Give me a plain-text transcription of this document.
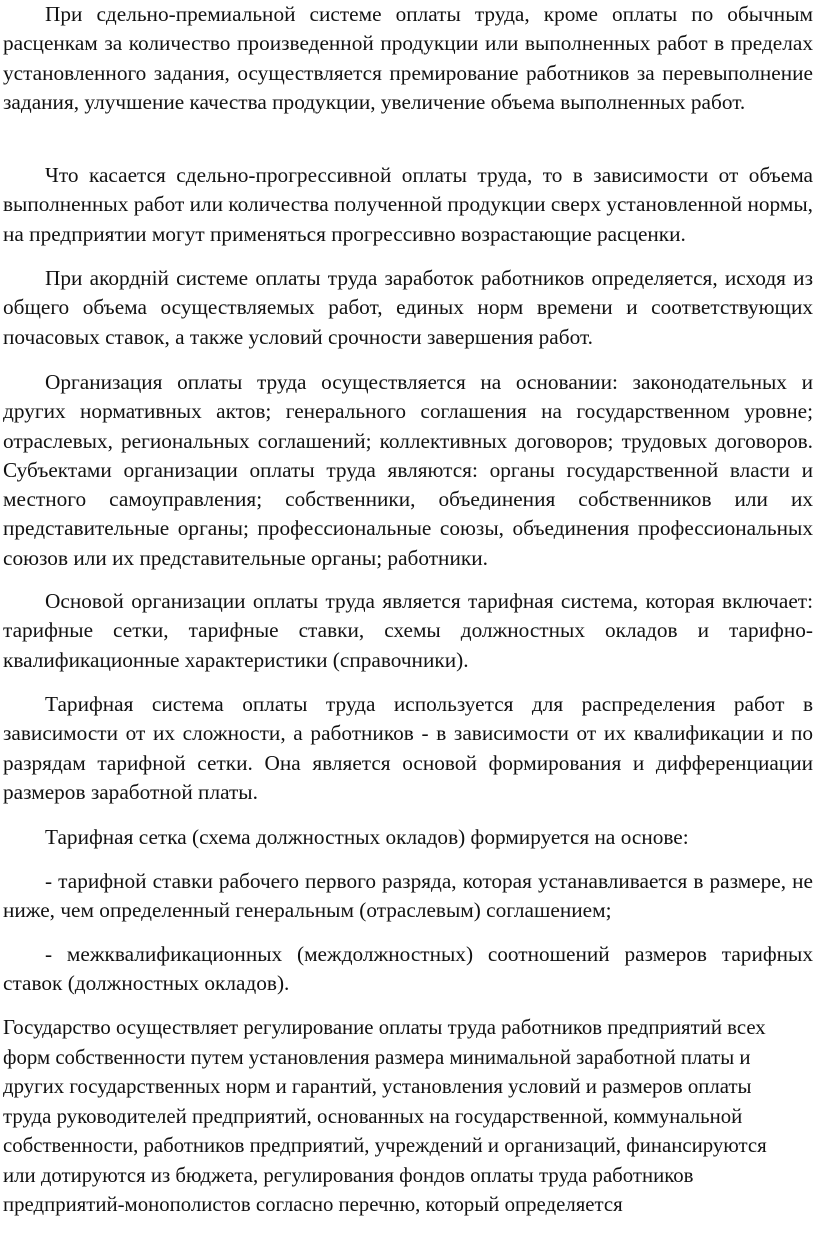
При сдельно-премиальной системе оплаты труда, кроме оплаты по обычным расценкам за количество произведенной продукции или выполненных работ в пределах установленного задания, осуществляется премирование работников за перевыполнение задания, улучшение качества продукции, увеличение объема выполненных работ.

Что касается сдельно-прогрессивной оплаты труда, то в зависимости от объема выполненных работ или количества полученной продукции сверх установленной нормы, на предприятии могут применяться прогрессивно возрастающие расценки.

При акордній системе оплаты труда заработок работников определяется, исходя из общего объема осуществляемых работ, единых норм времени и соответствующих почасовых ставок, а также условий срочности завершения работ.

Организация оплаты труда осуществляется на основании: законодательных и других нормативных актов; генерального соглашения на государственном уровне; отраслевых, региональных соглашений; коллективных договоров; трудовых договоров. Субъектами организации оплаты труда являются: органы государственной власти и местного самоуправления; собственники, объединения собственников или их представительные органы; профессиональные союзы, объединения профессиональных союзов или их представительные органы; работники.

Основой организации оплаты труда является тарифная система, которая включает: тарифные сетки, тарифные ставки, схемы должностных окладов и тарифно-квалификационные характеристики (справочники).

Тарифная система оплаты труда используется для распределения работ в зависимости от их сложности, а работников - в зависимости от их квалификации и по разрядам тарифной сетки. Она является основой формирования и дифференциации размеров заработной платы.

Тарифная сетка (схема должностных окладов) формируется на основе:

- тарифной ставки рабочего первого разряда, которая устанавливается в размере, не ниже, чем определенный генеральным (отраслевым) соглашением;

- межквалификационных (междолжностных) соотношений размеров тарифных ставок (должностных окладов).

Государство осуществляет регулирование оплаты труда работников предприятий всех форм собственности путем установления размера минимальной заработной платы и других государственных норм и гарантий, установления условий и размеров оплаты труда руководителей предприятий, основанных на государственной, коммунальной собственности, работников предприятий, учреждений и организаций, финансируются или дотируются из бюджета, регулирования фондов оплаты труда работников предприятий-монополистов согласно перечню, который определяется
